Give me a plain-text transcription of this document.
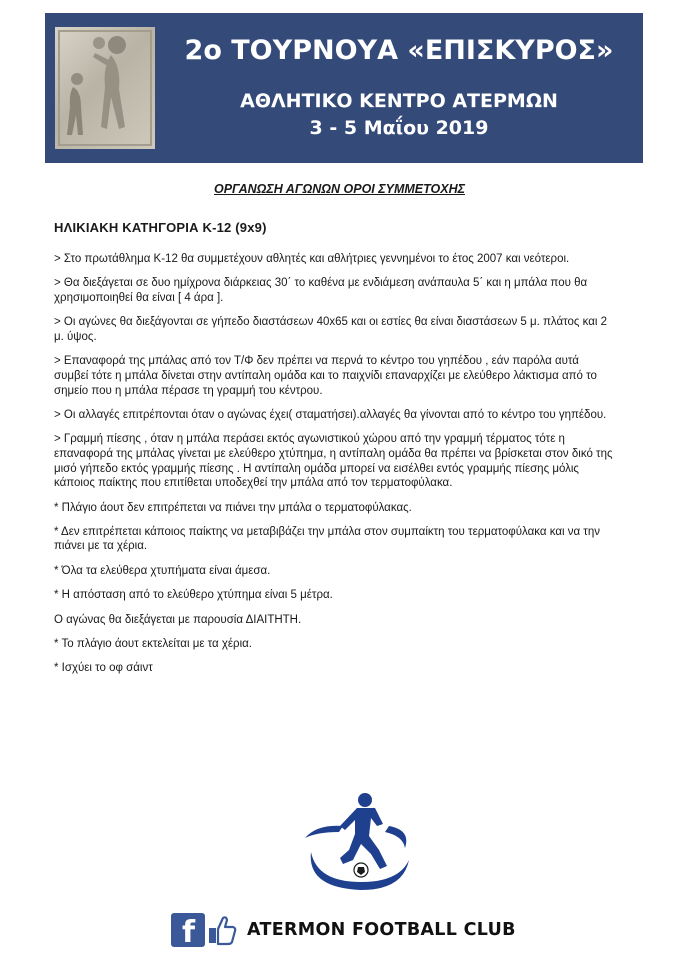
2ο ΤΟΥΡΝΟΥΑ «ΕΠΙΣΚΥΡΟΣ»
ΑΘΛΗΤΙΚΟ ΚΕΝΤΡΟ ΑΤΕΡΜΩΝ
3 - 5 Μαΐου 2019
ΟΡΓΑΝΩΣΗ ΑΓΩΝΩΝ ΟΡΟΙ ΣΥΜΜΕΤΟΧΗΣ
ΗΛΙΚΙΑΚΗ ΚΑΤΗΓΟΡΙΑ Κ-12 (9x9)
> Στο πρωτάθλημα Κ-12 θα συμμετέχουν αθλητές και αθλήτριες γεννημένοι το έτος 2007 και νεότεροι.
> Θα διεξάγεται σε δυο ημίχρονα διάρκειας 30΄ το καθένα με ενδιάμεση ανάπαυλα 5΄ και η μπάλα που θα χρησιμοποιηθεί θα είναι [ 4 άρα ].
> Οι αγώνες θα διεξάγονται σε γήπεδο διαστάσεων 40x65 και οι εστίες θα είναι διαστάσεων 5 μ. πλάτος και 2 μ. ύψος.
> Επαναφορά της μπάλας από τον Τ/Φ δεν πρέπει να περνά το κέντρο του γηπέδου , εάν παρόλα αυτά συμβεί τότε η μπάλα δίνεται στην αντίπαλη ομάδα και το παιχνίδι επαναρχίζει με ελεύθερο λάκτισμα από το σημείο που η μπάλα πέρασε τη γραμμή του κέντρου.
> Οι αλλαγές επιτρέπονται όταν ο αγώνας έχει( σταματήσει).αλλαγές θα γίνονται από το κέντρο του γηπέδου.
> Γραμμή πίεσης , όταν η μπάλα περάσει εκτός αγωνιστικού χώρου από την γραμμή τέρματος τότε η επαναφορά της μπάλας γίνεται με ελεύθερο χτύπημα, η αντίπαλη ομάδα θα πρέπει να βρίσκεται στον δικό της μισό γήπεδο εκτός γραμμής πίεσης . Η αντίπαλη ομάδα μπορεί να εισέλθει εντός γραμμής πίεσης μόλις κάποιος παίκτης που επιτίθεται υποδεχθεί την μπάλα από τον τερματοφύλακα.
* Πλάγιο άουτ δεν επιτρέπεται να πιάνει την μπάλα ο τερματοφύλακας.
* Δεν επιτρέπεται κάποιος παίκτης να μεταβιβάζει την μπάλα στον συμπαίκτη του τερματοφύλακα και να την πιάνει με τα χέρια.
* Όλα τα ελεύθερα χτυπήματα είναι άμεσα.
* Η απόσταση από το ελεύθερο χτύπημα είναι 5 μέτρα.
Ο αγώνας θα διεξάγεται με παρουσία ΔΙΑΙΤΗΤΗ.
* Το πλάγιο άουτ εκτελείται με τα χέρια.
* Ισχύει το οφ σάιντ
f	ATERMON FOOTBALL CLUB
